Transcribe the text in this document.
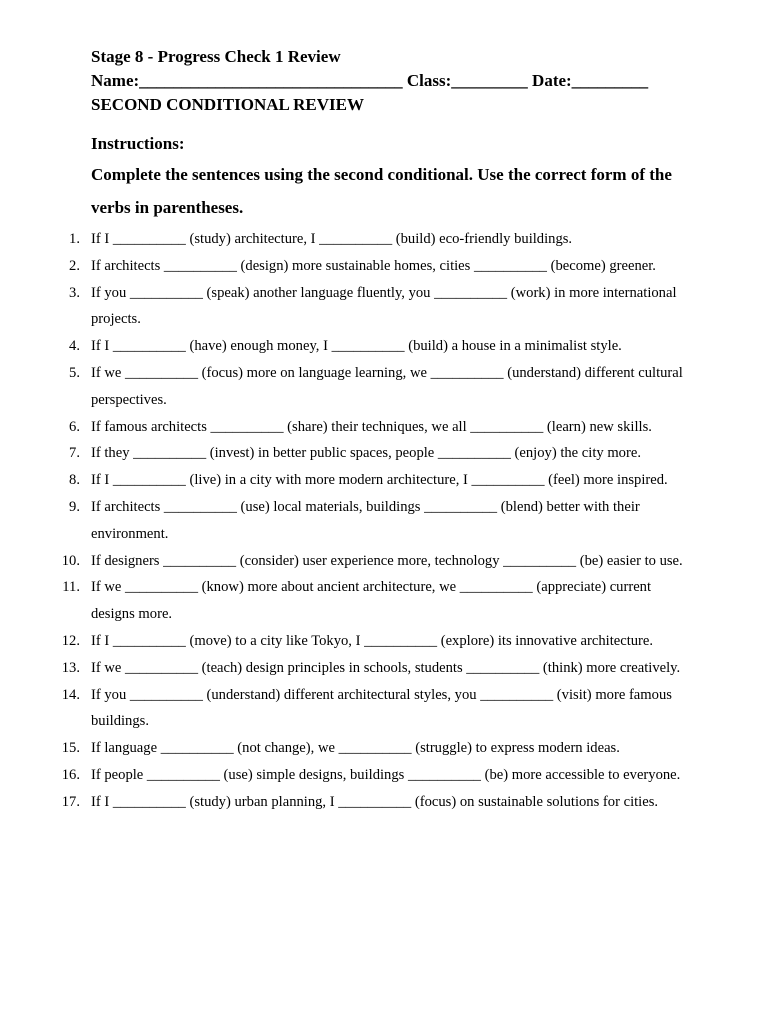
Stage 8 - Progress Check 1 Review
Name:_______________________________ Class:_________ Date:_________
SECOND CONDITIONAL REVIEW
Instructions:
Complete the sentences using the second conditional. Use the correct form of the verbs in parentheses.
1. If I __________ (study) architecture, I __________ (build) eco-friendly buildings.
2. If architects __________ (design) more sustainable homes, cities __________ (become) greener.
3. If you __________ (speak) another language fluently, you __________ (work) in more international projects.
4. If I __________ (have) enough money, I __________ (build) a house in a minimalist style.
5. If we __________ (focus) more on language learning, we __________ (understand) different cultural perspectives.
6. If famous architects __________ (share) their techniques, we all __________ (learn) new skills.
7. If they __________ (invest) in better public spaces, people __________ (enjoy) the city more.
8. If I __________ (live) in a city with more modern architecture, I __________ (feel) more inspired.
9. If architects __________ (use) local materials, buildings __________ (blend) better with their environment.
10. If designers __________ (consider) user experience more, technology __________ (be) easier to use.
11. If we __________ (know) more about ancient architecture, we __________ (appreciate) current designs more.
12. If I __________ (move) to a city like Tokyo, I __________ (explore) its innovative architecture.
13. If we __________ (teach) design principles in schools, students __________ (think) more creatively.
14. If you __________ (understand) different architectural styles, you __________ (visit) more famous buildings.
15. If language __________ (not change), we __________ (struggle) to express modern ideas.
16. If people __________ (use) simple designs, buildings __________ (be) more accessible to everyone.
17. If I __________ (study) urban planning, I __________ (focus) on sustainable solutions for cities.
